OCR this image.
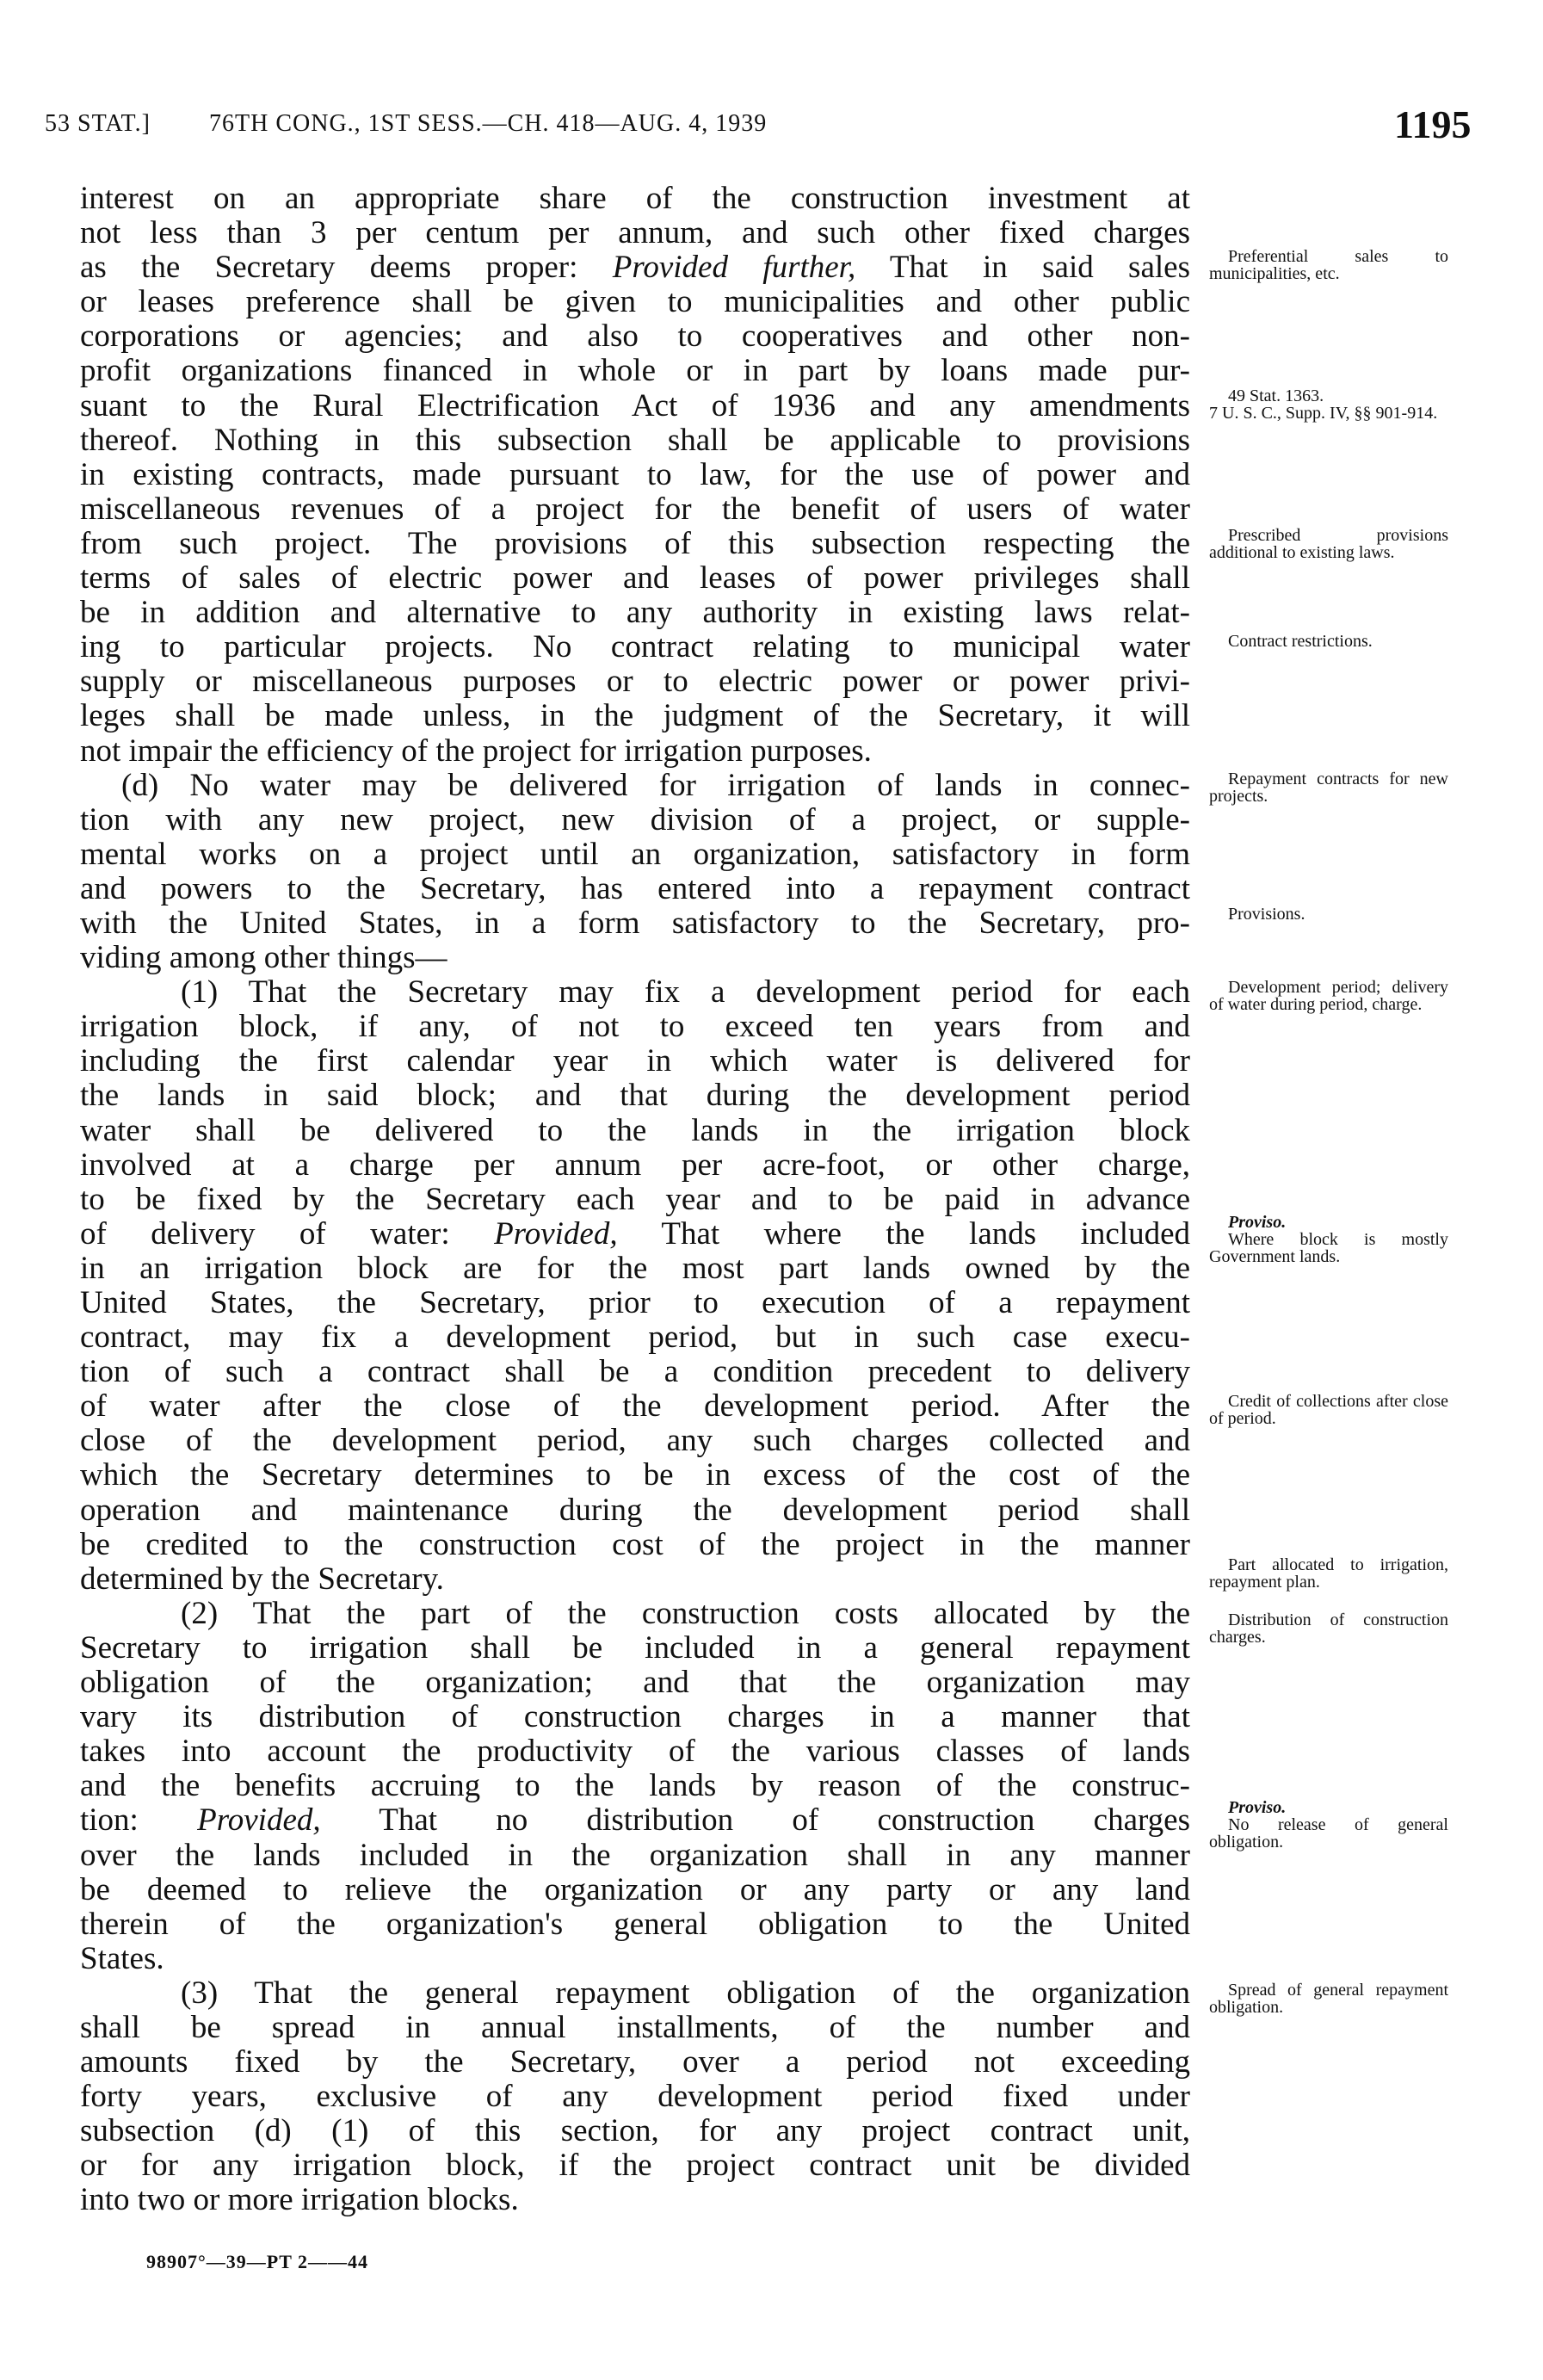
53 STAT.] 76TH CONG., 1ST SESS.—CH. 418—AUG. 4, 1939	1195
interest on an appropriate share of the construction investment at
not less than 3 per centum per annum, and such other fixed charges
as the Secretary deems proper: Provided further, That in said sales
or leases preference shall be given to municipalities and other public
corporations or agencies; and also to cooperatives and other non-
profit organizations financed in whole or in part by loans made pur-
suant to the Rural Electrification Act of 1936 and any amendments
thereof. Nothing in this subsection shall be applicable to provisions
in existing contracts, made pursuant to law, for the use of power and
miscellaneous revenues of a project for the benefit of users of water
from such project. The provisions of this subsection respecting the
terms of sales of electric power and leases of power privileges shall
be in addition and alternative to any authority in existing laws relat-
ing to particular projects. No contract relating to municipal water
supply or miscellaneous purposes or to electric power or power privi-
leges shall be made unless, in the judgment of the Secretary, it will
not impair the efficiency of the project for irrigation purposes.
(d) No water may be delivered for irrigation of lands in connec-
tion with any new project, new division of a project, or supple-
mental works on a project until an organization, satisfactory in form
and powers to the Secretary, has entered into a repayment contract
with the United States, in a form satisfactory to the Secretary, pro-
viding among other things—
(1) That the Secretary may fix a development period for each
irrigation block, if any, of not to exceed ten years from and
including the first calendar year in which water is delivered for
the lands in said block; and that during the development period
water shall be delivered to the lands in the irrigation block
involved at a charge per annum per acre-foot, or other charge,
to be fixed by the Secretary each year and to be paid in advance
of delivery of water: Provided, That where the lands included
in an irrigation block are for the most part lands owned by the
United States, the Secretary, prior to execution of a repayment
contract, may fix a development period, but in such case execu-
tion of such a contract shall be a condition precedent to delivery
of water after the close of the development period. After the
close of the development period, any such charges collected and
which the Secretary determines to be in excess of the cost of the
operation and maintenance during the development period shall
be credited to the construction cost of the project in the manner
determined by the Secretary.
(2) That the part of the construction costs allocated by the
Secretary to irrigation shall be included in a general repayment
obligation of the organization; and that the organization may
vary its distribution of construction charges in a manner that
takes into account the productivity of the various classes of lands
and the benefits accruing to the lands by reason of the construc-
tion: Provided, That no distribution of construction charges
over the lands included in the organization shall in any manner
be deemed to relieve the organization or any party or any land
therein of the organization's general obligation to the United
States.
(3) That the general repayment obligation of the organization
shall be spread in annual installments, of the number and
amounts fixed by the Secretary, over a period not exceeding
forty years, exclusive of any development period fixed under
subsection (d) (1) of this section, for any project contract unit,
or for any irrigation block, if the project contract unit be divided
into two or more irrigation blocks.
Preferential sales to municipalities, etc.
49 Stat. 1363.
7 U. S. C., Supp. IV, §§ 901-914.
Prescribed provisions additional to existing laws.
Contract restrictions.
Repayment contracts for new projects.
Provisions.
Development period; delivery of water during period, charge.
Proviso.
Where block is mostly Government lands.
Credit of collections after close of period.
Part allocated to irrigation, repayment plan.
Distribution of construction charges.
Proviso.
No release of general obligation.
Spread of general repayment obligation.
98907°—39—PT 2——44
